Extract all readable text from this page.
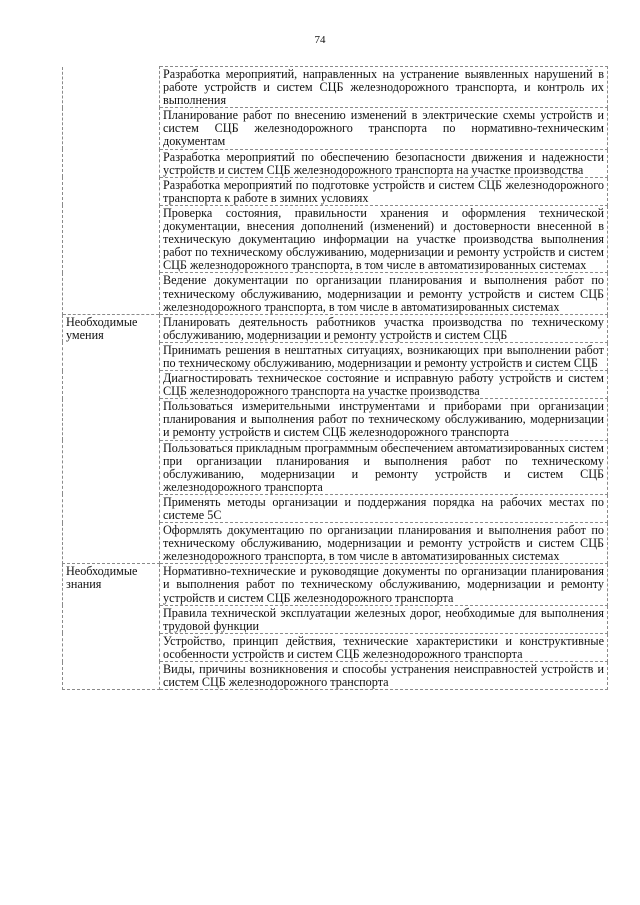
74
	Разработка мероприятий, направленных на устранение выявленных нарушений в работе устройств и систем СЦБ железнодорожного транспорта, и контроль их выполнения
	Планирование работ по внесению изменений в электрические схемы устройств и систем СЦБ железнодорожного транспорта по нормативно-техническим документам
	Разработка мероприятий по обеспечению безопасности движения и надежности устройств и систем СЦБ железнодорожного транспорта на участке производства
	Разработка мероприятий по подготовке устройств и систем СЦБ железнодорожного транспорта к работе в зимних условиях
	Проверка состояния, правильности хранения и оформления технической документации, внесения дополнений (изменений) и достоверности внесенной в техническую документацию информации на участке производства выполнения работ по техническому обслуживанию, модернизации и ремонту устройств и систем СЦБ железнодорожного транспорта, в том числе в автоматизированных системах
	Ведение документации по организации планирования и выполнения работ по техническому обслуживанию, модернизации и ремонту устройств и систем СЦБ железнодорожного транспорта, в том числе в автоматизированных системах
Необходимые умения	Планировать деятельность работников участка производства по техническому обслуживанию, модернизации и ремонту устройств и систем СЦБ
	Принимать решения в нештатных ситуациях, возникающих при выполнении работ по техническому обслуживанию, модернизации и ремонту устройств и систем СЦБ
	Диагностировать техническое состояние и исправную работу устройств и систем СЦБ железнодорожного транспорта на участке производства
	Пользоваться измерительными инструментами и приборами при организации планирования и выполнения работ по техническому обслуживанию, модернизации и ремонту устройств и систем СЦБ железнодорожного транспорта
	Пользоваться прикладным программным обеспечением автоматизированных систем при организации планирования и выполнения работ по техническому обслуживанию, модернизации и ремонту устройств и систем СЦБ железнодорожного транспорта
	Применять методы организации и поддержания порядка на рабочих местах по системе 5С
	Оформлять документацию по организации планирования и выполнения работ по техническому обслуживанию, модернизации и ремонту устройств и систем СЦБ железнодорожного транспорта, в том числе в автоматизированных системах
Необходимые знания	Нормативно-технические и руководящие документы по организации планирования и выполнения работ по техническому обслуживанию, модернизации и ремонту устройств и систем СЦБ железнодорожного транспорта
	Правила технической эксплуатации железных дорог, необходимые для выполнения трудовой функции
	Устройство, принцип действия, технические характеристики и конструктивные особенности устройств и систем СЦБ железнодорожного транспорта
	Виды, причины возникновения и способы устранения неисправностей устройств и систем СЦБ железнодорожного транспорта
